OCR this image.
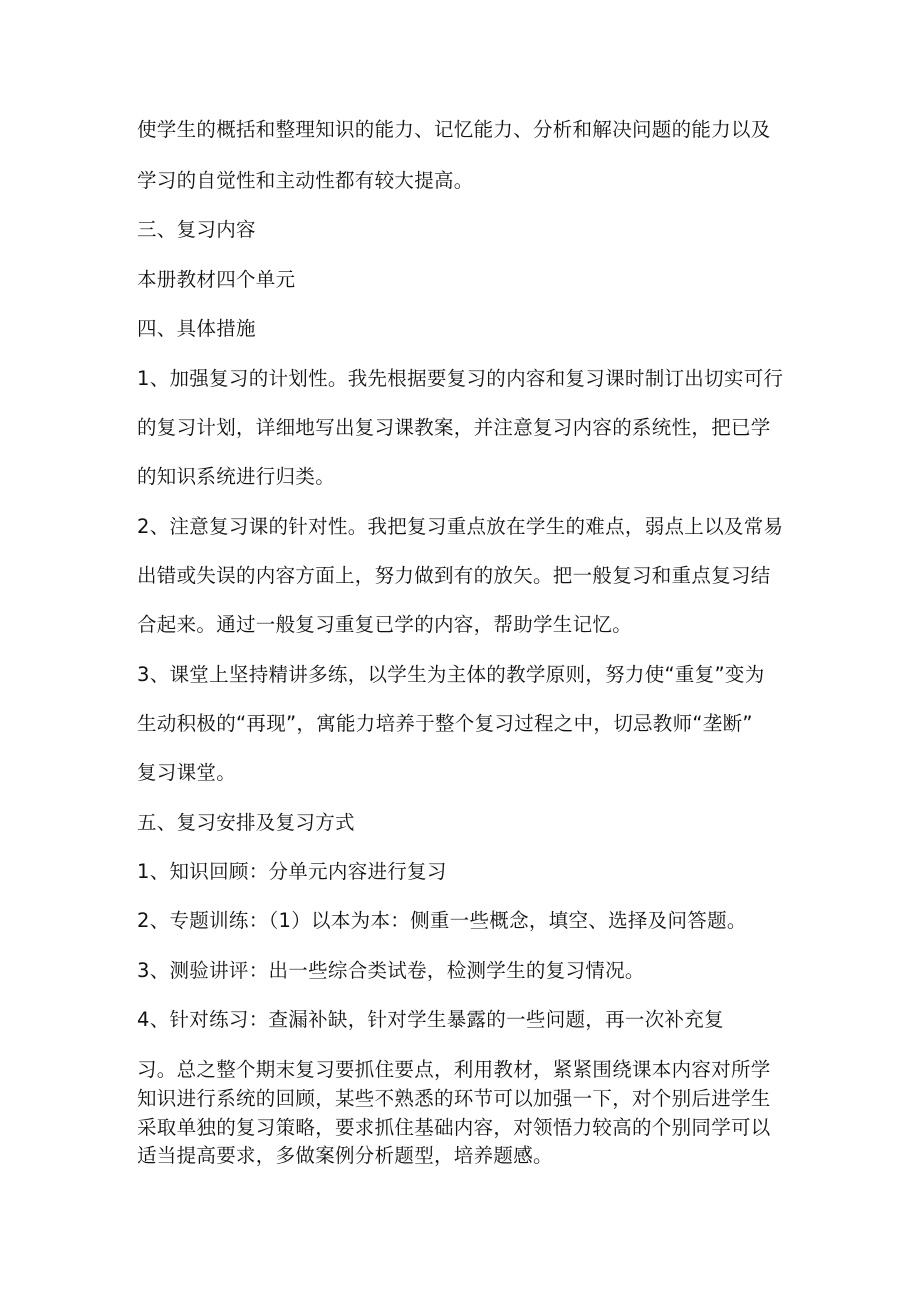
使学生的概括和整理知识的能力、记忆能力、分析和解决问题的能力以及
学习的自觉性和主动性都有较大提高。
三、复习内容
本册教材四个单元
四、具体措施
1、加强复习的计划性。我先根据要复习的内容和复习课时制订出切实可行
的复习计划，详细地写出复习课教案，并注意复习内容的系统性，把已学
的知识系统进行归类。
2、注意复习课的针对性。我把复习重点放在学生的难点，弱点上以及常易
出错或失误的内容方面上，努力做到有的放矢。把一般复习和重点复习结
合起来。通过一般复习重复已学的内容，帮助学生记忆。
3、课堂上坚持精讲多练，以学生为主体的教学原则，努力使“重复”变为
生动积极的“再现”，寓能力培养于整个复习过程之中，切忌教师“垄断”
复习课堂。
五、复习安排及复习方式
1、知识回顾：分单元内容进行复习
2、专题训练：（1）以本为本：侧重一些概念，填空、选择及问答题。
3、测验讲评：出一些综合类试卷，检测学生的复习情况。
4、针对练习：查漏补缺，针对学生暴露的一些问题，再一次补充复
习。总之整个期末复习要抓住要点，利用教材，紧紧围绕课本内容对所学
知识进行系统的回顾，某些不熟悉的环节可以加强一下，对个别后进学生
采取单独的复习策略，要求抓住基础内容，对领悟力较高的个别同学可以
适当提高要求，多做案例分析题型，培养题感。
